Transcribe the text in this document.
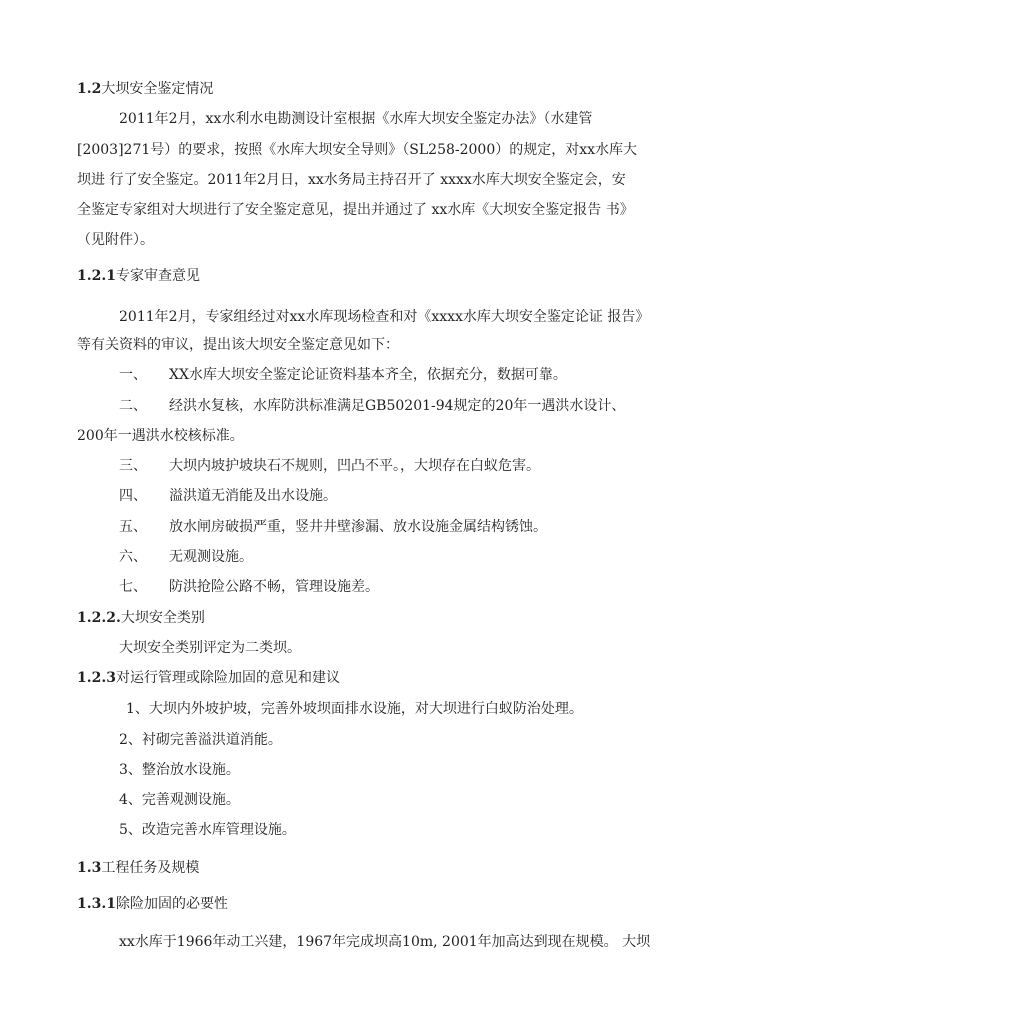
1.2大坝安全鉴定情况
2011年2月，xx水利水电勘测设计室根据《水库大坝安全鉴定办法》（水建管
[2003]271号）的要求，按照《水库大坝安全导则》（SL258-2000）的规定，对xx水库大
坝进 行了安全鉴定。2011年2月日，xx水务局主持召开了 xxxx水库大坝安全鉴定会，安
全鉴定专家组对大坝进行了安全鉴定意见，提出并通过了 xx水库《大坝安全鉴定报告 书》
（见附件）。
1.2.1专家审查意见
2011年2月，专家组经过对xx水库现场检查和对《xxxx水库大坝安全鉴定论证 报告》
等有关资料的审议，提出该大坝安全鉴定意见如下：
一、 XX水库大坝安全鉴定论证资料基本齐全，依据充分，数据可靠。
二、 经洪水复核，水库防洪标准满足GB50201-94规定的20年一遇洪水设计、
200年一遇洪水校核标准。
三、 大坝内坡护坡块石不规则，凹凸不平。，大坝存在白蚁危害。
四、 溢洪道无消能及出水设施。
五、 放水闸房破损严重，竖井井壁渗漏、放水设施金属结构锈蚀。
六、 无观测设施。
七、 防洪抢险公路不畅，管理设施差。
1.2.2.大坝安全类别
大坝安全类别评定为二类坝。
1.2.3对运行管理或除险加固的意见和建议
1、大坝内外坡护坡，完善外坡坝面排水设施，对大坝进行白蚁防治处理。
2、衬砌完善溢洪道消能。
3、整治放水设施。
4、完善观测设施。
5、改造完善水库管理设施。
1.3工程任务及规模
1.3.1除险加固的必要性
xx水库于1966年动工兴建，1967年完成坝高10m, 2001年加高达到现在规模。 大坝
